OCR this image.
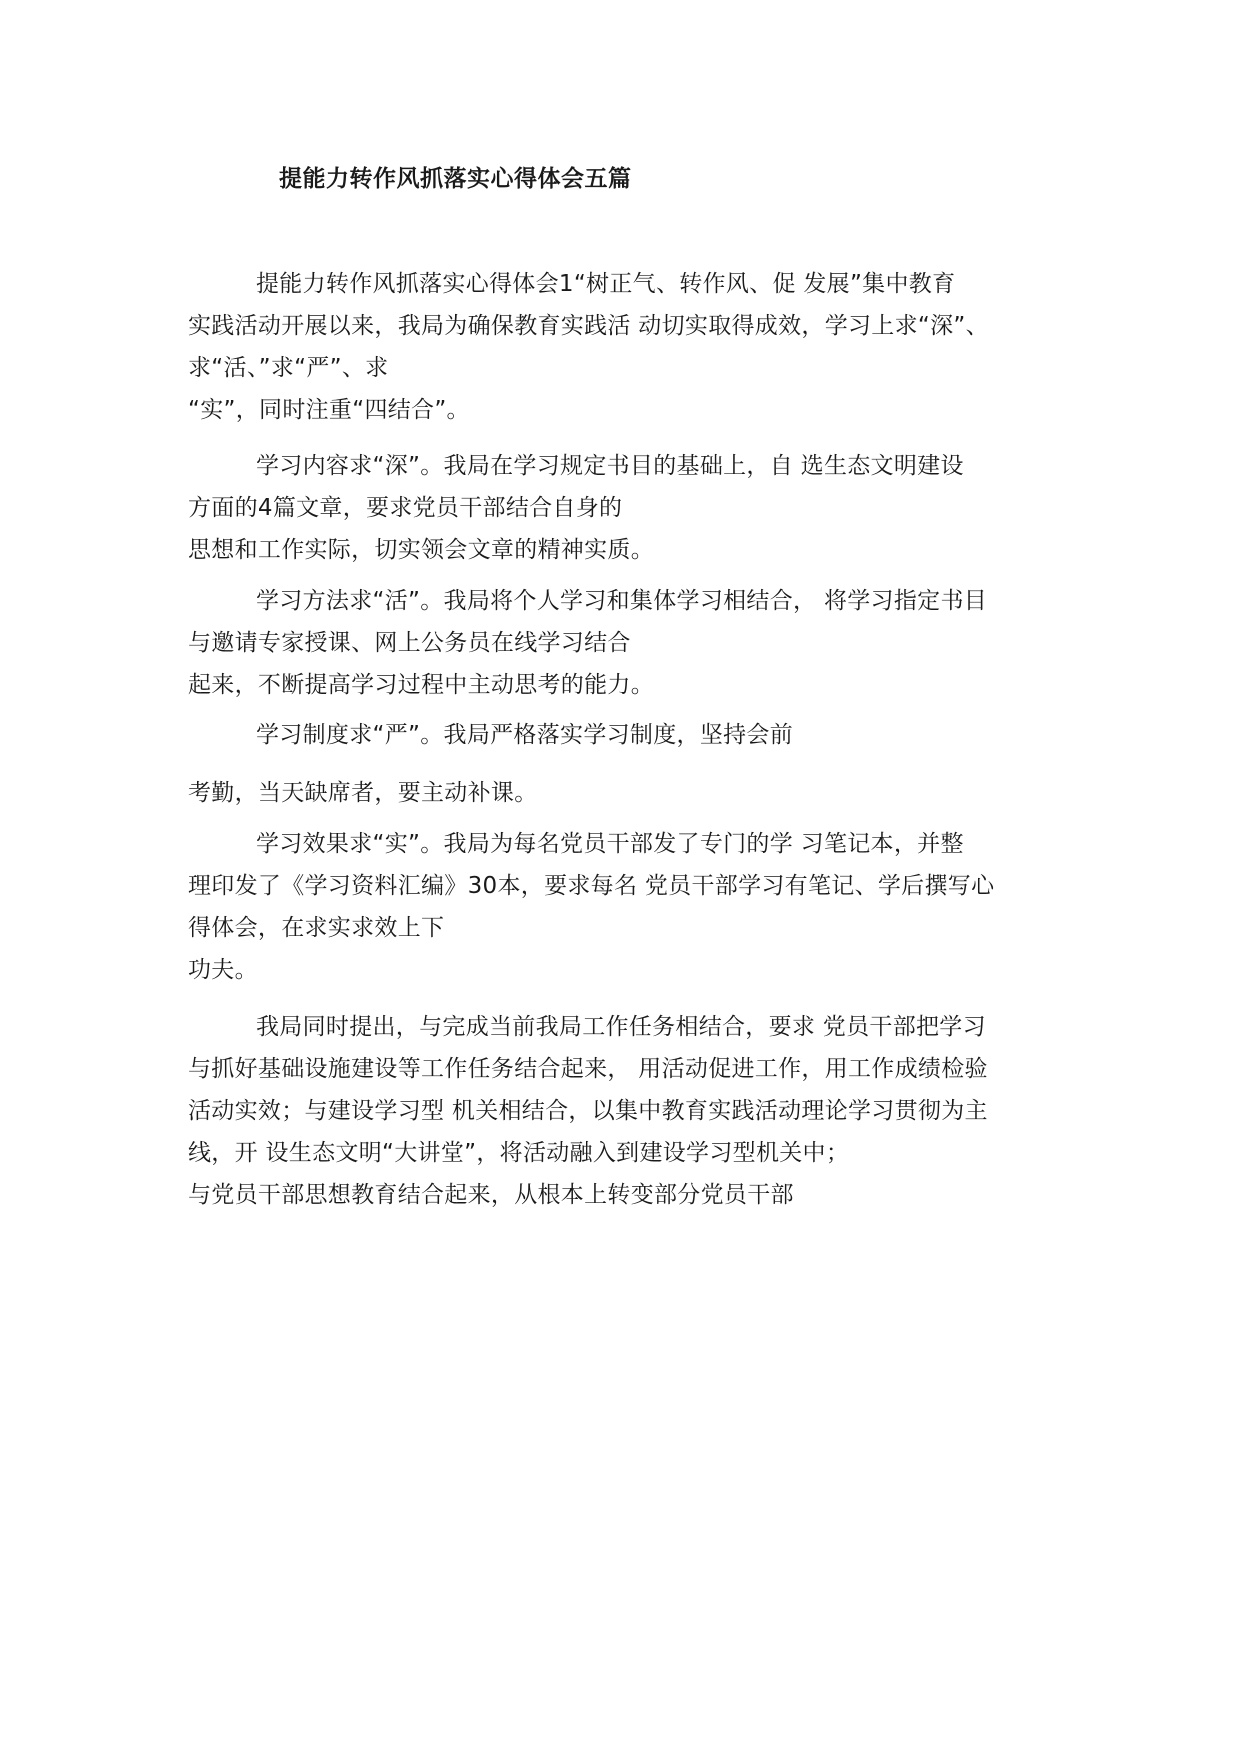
提能力转作风抓落实心得体会五篇
提能力转作风抓落实心得体会1“树正气、转作风、促 发展”集中教育
实践活动开展以来，我局为确保教育实践活 动切实取得成效，学习上求“深”、
求“活、”求“严”、求
“实”，同时注重“四结合”。
学习内容求“深”。我局在学习规定书目的基础上，自 选生态文明建设
方面的4篇文章，要求党员干部结合自身的
思想和工作实际，切实领会文章的精神实质。
学习方法求“活”。我局将个人学习和集体学习相结合， 将学习指定书目
与邀请专家授课、网上公务员在线学习结合
起来，不断提高学习过程中主动思考的能力。
学习制度求“严”。我局严格落实学习制度，坚持会前
考勤，当天缺席者，要主动补课。
学习效果求“实”。我局为每名党员干部发了专门的学 习笔记本，并整
理印发了《学习资料汇编》30本，要求每名 党员干部学习有笔记、学后撰写心
得体会，在求实求效上下
功夫。
我局同时提出，与完成当前我局工作任务相结合，要求 党员干部把学习
与抓好基础设施建设等工作任务结合起来， 用活动促进工作，用工作成绩检验
活动实效；与建设学习型 机关相结合，以集中教育实践活动理论学习贯彻为主
线，开 设生态文明“大讲堂”，将活动融入到建设学习型机关中；
与党员干部思想教育结合起来，从根本上转变部分党员干部
